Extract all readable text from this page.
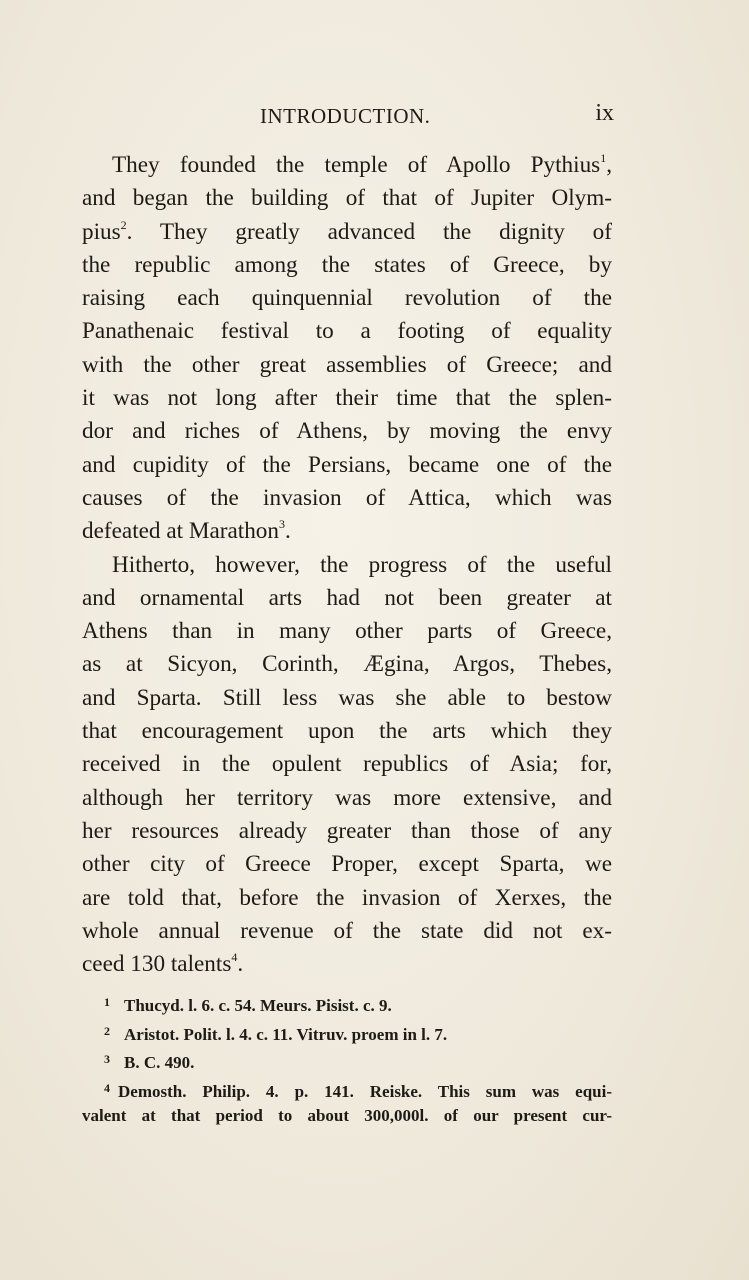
INTRODUCTION.	ix
They founded the temple of Apollo Pythius$^1$,
and began the building of that of Jupiter Olym-
pius$^2$. They greatly advanced the dignity of
the republic among the states of Greece, by
raising each quinquennial revolution of the
Panathenaic festival to a footing of equality
with the other great assemblies of Greece; and
it was not long after their time that the splen-
dor and riches of Athens, by moving the envy
and cupidity of the Persians, became one of the
causes of the invasion of Attica, which was
defeated at Marathon$^3$.
Hitherto, however, the progress of the useful
and ornamental arts had not been greater at
Athens than in many other parts of Greece,
as at Sicyon, Corinth, Ægina, Argos, Thebes,
and Sparta. Still less was she able to bestow
that encouragement upon the arts which they
received in the opulent republics of Asia; for,
although her territory was more extensive, and
her resources already greater than those of any
other city of Greece Proper, except Sparta, we
are told that, before the invasion of Xerxes, the
whole annual revenue of the state did not ex-
ceed 130 talents$^4$.
1 Thucyd. l. 6. c. 54. Meurs. Pisist. c. 9.
2 Aristot. Polit. l. 4. c. 11. Vitruv. proem in l. 7.
3 B. C. 490.
4 Demosth. Philip. 4. p. 141. Reiske. This sum was equi-
valent at that period to about 300,000l. of our present cur-
